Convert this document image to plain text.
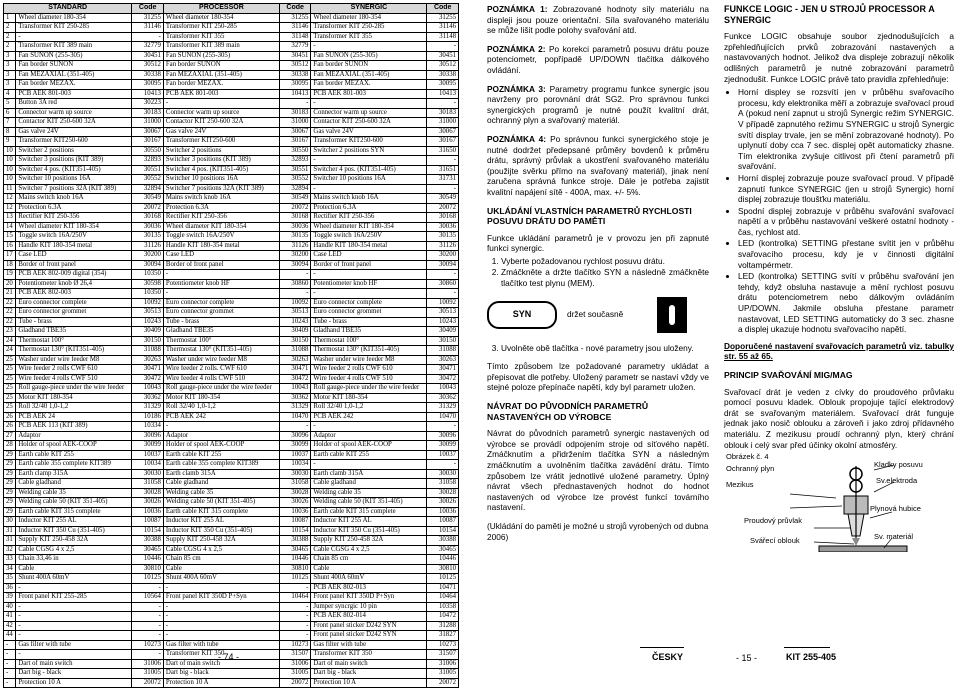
STANDARD		Code	PROCESSOR	Code	SYNERGIC	Code
1	Wheel diameter 180-354	31255	Wheel diameter 180-354	31255	Wheel diameter 180-354	31255
2	Transformer KIT 250-285	31146	Transformer KIT 250-285	31146	Transformer KIT 250-285	31146
2	-	-	Transformer KIT 355	31148	Transformer KIT 355	31148
2	Transformer KIT 389 main	32779	Transformer KIT 389 main	32779	-	-
3	Fan SUNON (255-305)	30451	Fan SUNON (255-305)	30451	Fan SUNON (255-305)	30451
3	Fan border SUNON	30512	Fan border SUNON	30512	Fan border SUNON	30512
3	Fan MEZAXIAL (351-405)	30338	Fan MEZAXIAL (351-405)	30338	Fan MEZAXIAL (351-405)	30338
3	Fan border MEZAX.	30095	Fan border MEZAX.	30095	Fan border MEZAX.	30095
4	PCB AEK 801-003	10413	PCB AEK 801-003	10413	PCB AEK 801-003	10413
5	Button 3A red	30223	-	-	-	-
6	Connector warm up source	30183	Connector warm up source	30183	Connector warm up source	30183
7	Contactor KIT 250-600 32A	31000	Contactor KIT 250-600 32A	31000	Contactor KIT 250-600 32A	31000
8	Gas valve 24V	30067	Gas valve 24V	30067	Gas valve 24V	30067
9	Transformer KIT250-600	30167	Transformer KIT250-600	30167	Transformer KIT250-600	30167
10	Switcher 2 positions	30550	Switcher 2 positions	30550	Switcher 2 positions SYN	31650
10	Switcher 3 positions (KIT 389)	32893	Switcher 3 positions (KIT 389)	32893	-	-
10	Switcher 4 pos. (KIT351-405)	30551	Switcher 4 pos. (KIT351-405)	30551	Switcher 4 pos. (KIT351-405)	31651
10	Switcher 10 positions 16A	30552	Switcher 10 positions 16A	30552	Switcher 10 positions 16A	31731
11	Switcher 7 positions 32A (KIT 389)	32894	Switcher 7 positions 32A (KIT 389)	32894	-	-
12	Mains switch knob 16A	30549	Mains switch knob 16A	30549	Mains switch knob 16A	30549
12	Protection 6.3A	20072	Protection 6.3A	20072	Protection 6.3A	20072
13	Rectifier KIT 250-356	30168	Rectifier KIT 250-356	30168	Rectifier KIT 250-356	30168
14	Wheel diameter KIT 180-354	30036	Wheel diameter KIT 180-354	30036	Wheel diameter KIT 180-354	30036
15	Toggle switch 16A/250V	30135	Toggle switch 16A/250V	30135	Toggle switch 16A/250V	30135
16	Handle KIT 180-354 metal	31126	Handle KIT 180-354 metal	31126	Handle KIT 180-354 metal	31126
17	Case LED	30200	Case LED	30200	Case LED	30200
18	Border of front panel	30094	Border of front panel	30094	Border of front panel	30094
19	PCB AEK 802-009 digital (354)	10350	-	-	-	-
20	Potentiometer knob Ø 26,4	30598	Potentiometer knob HF	30860	Potentiometer knob HF	30860
21	PCB AEK 802-003	10350	-	-	-	-
22	Euro connector complete	10092	Euro connector complete	10092	Euro connector complete	10092
22	Euro connector grommet	30513	Euro connector grommet	30513	Euro connector grommet	30513
22	Tube - brass	10243	Tube - brass	10243	Tube - brass	10243
23	Gladhand TBE35	30409	Gladhand TBE35	30409	Gladhand TBE35	30409
24	Thermostat 100°	30150	Thermostat 100°	30150	Thermostat 100°	30150
24	Thermostat 130° (KIT351-405)	31088	Thermostat 130° (KIT351-405)	31088	Thermostat 130° (KIT351-405)	31088
25	Washer under wire feeder M8	30263	Washer under wire feeder M8	30263	Washer under wire feeder M8	30263
25	Wire feeder 2 rolls CWF 610	30471	Wire feeder 2 rolls. CWF 610	30471	Wire feeder 2 rolls CWF 610	30471
25	Wire feeder 4 rolls CWF 510	30472	Wire feeder 4 rolls CWF 510	30472	Wire feeder 4 rolls CWF 510	30472
25	Roll gauge-piece under the wire feeder	10043	Roll gauge-piece under the wire feeder	10043	Roll gauge-piece under the wire feeder	10043
25	Motor KIT 180-354	30362	Motor KIT 180-354	30362	Motor KIT 180-354	30362
25	Roll 32/40 1,0-1,2	31329	Roll 32/40 1,0-1,2	31329	Roll 32/40 1,0-1,2	31329
26	PCB AEK 24	10186	PCB AEK 242	10470	PCB AEK 242	10470
26	PCB AEK 113 (KIT 389)	10334	-	-	-	-
27	Adaptor	30096	Adaptor	30096	Adaptor	30096
28	Holder of spool AEK-COOP	30099	Holder of spool AEK-COOP	30099	Holder of spool AEK-COOP	30099
29	Earth cable KIT 255	10037	Earth cable KIT 255	10037	Earth cable KIT 255	10037
29	Earth cable 355 complete KIT389	10034	Earth cable 355 complete KIT389	10034	-	-
29	Earth clamp 315A	30030	Earth clamb 315A	30030	Earth clamb 315A	30030
29	Cable gladhand	31058	Cable gladhand	31058	Cable gladhand	31058
29	Welding cable 35	30028	Welding cable 35	30028	Welding cable 35	30028
29	Welding cable 50 (KIT 351-405)	30026	Welding cable 50 (KIT 351-405)	30026	Welding cable 50 (KIT 351-405)	30026
29	Earth cable KIT 315 complete	10036	Earth cable KIT 315 complete	10036	Earth cable KIT 315 complete	10036
30	Inductor KIT 255 AL	10087	Inductor KIT 255 AL	10087	Inductor KIT 255 AL	10087
31	Inductor KIT 350 Cu (351-405)	10154	Inductor KIT 350 Cu (351-405)	10154	Inductor KIT 350 Cu (351-405)	10154
31	Supply KIT 250-458 32A	30388	Supply KIT 250-458 32A	30388	Supply KIT 250-458 32A	30388
32	Cable CGSG 4 x 2,5	30465	Cable CGSG 4 x 2,5	30465	Cable CGSG 4 x 2,5	30465
33	Chain 33,46 in	10446	Chain 85 cm	10446	Chain 85 cm	10446
34	Cable	30810	Cable	30810	Cable	30810
35	Shunt 400A 60mV	10125	Shunt 400A 60mV	10125	Shunt 400A 60mV	10125
36	-	-	-	-	PCB AEK 802-013	10471
39	Front panel KIT 255-285	10564	Front panel KIT 350D P+Syn	10464	Front panel KIT 350D P+Syn	10464
40	-	-	-	-	Jumper syncrgic 10 pin	10358
41	-	-	-	-	PCB AEK 802-014	10472
42	-	-	-	-	Front panel sticker D242 SYN	31288
44	-	-	-	-	Front panel sticker D242 SYN	31827
-	Gas filter with tube	10273	Gas filter with tube	10273	Gas filter with tube	10273
-	-	-	Transformer KIT 350	31507	Transformer KIT 350	31507
-	Dart of main switch	31006	Dart of main switch	31006	Dart of main switch	31006
-	Dart big - black	31005	Dart big - black	31005	Dart big - black	31005
-	Protection 10 A	20072	Protection 10 A	20072	Protection 10 A	20072
- 74 -

POZNÁMKA 1: Zobrazované hodnoty síly materiálu na displeji jsou pouze orientační. Síla svařovaného materiálu se může lišit podle polohy svařování atd.

POZNÁMKA 2: Po korekci parametrů posuvu drátu pouze potenciometr, popřípadě UP/DOWN tlačítka dálkového ovládání.

POZNÁMKA 3: Parametry programu funkce synergic jsou navrženy pro porovnání drát SG2. Pro správnou funkci synergických programů je nutné použít kvalitní drát, ochranný plyn a svařovaný materiál.

POZNÁMKA 4: Po správnou funkci synergického stoje je nutné dodržet předepsané průměry bovdenů k průměru drátu, správný průvlak a ukostření svařovaného materiálu (použijte svěrku přímo na svařovaný materiál), jinak není zaručena správná funkce stroje. Dále je potřeba zajistit kvalitní napájení sítě - 400A, max. +/- 5%.

UKLÁDÁNÍ VLASTNÍCH PARAMETRŮ RYCHLOSTI POSUVU DRÁTU DO PAMĚTI

Funkce ukládání parametrů je v provozu jen při zapnuté funkci synergic.

1. Vyberte požadovanou rychlost posuvu drátu.
2. Zmáčkněte a držte tlačítko SYN a následně zmáčkněte tlačítko test plynu (MEM).
SYN	držet současně
3. Uvolněte obě tlačítka - nové parametry jsou uloženy.

Tímto způsobem lze požadované parametry ukládat a přepisovat dle potřeby. Uložený parametr se nastaví vždy ve stejné poloze přepínače napětí, kdy byl parametr uložen.

NÁVRAT DO PŮVODNÍCH PARAMETRŮ NASTAVENÝCH OD VÝROBCE

Návrat do původních parametrů synergic nastavených od výrobce se provádí odpojením stroje od síťového napětí. Zmáčknutím a přidržením tlačítka SYN a následným zmáčknutím a uvolněním tlačítka zavádění drátu. Tímto způsobem lze vrátit jednotlivé uložené parametry. Úplný návrat všech přednastavených hodnot do hodnot nastavených od výrobce lze provést funkcí továrního nastavení.

(Ukládání do paměti je možné u strojů vyrobených od dubna 2006)

FUNKCE LOGIC - JEN U STROJŮ PROCESSOR A SYNERGIC

Funkce LOGIC obsahuje soubor zjednodušujících a zpřehledňujících prvků zobrazování nastavených a nastavovaných hodnot. Jelikož dva displeje zobrazují několik odlišných parametrů je nutné zobrazování parametrů zjednodušit. Funkce LOGIC právě tato pravidla zpřehledňuje:

• Horní displey se rozsvítí jen v průběhu svařovacího procesu, kdy elektronika měří a zobrazuje svařovací proud A (pokud není zapnut u strojů Synergic režim SYNERGIC. V případě zapnutého režimu SYNERGIC u strojů Synergic svítí display trvale, jen se mění zobrazované hodnoty). Po uplynutí doby cca 7 sec. displej opět automaticky zhasne. Tím elektronika zvyšuje citlivost při čtení parametrů při svařování.
• Horní displej zobrazuje pouze svařovací proud. V případě zapnutí funkce SYNERGIC (jen u strojů Synergic) horní displej zobrazuje tloušťku materiálu.
• Spodní displej zobrazuje v průběhu svařování svařovací napětí a v průběhu nastavování veškeré ostatní hodnoty - čas, rychlost atd.
• LED (kontrolka) SETTING přestane svítit jen v průběhu svařovacího procesu, kdy je v činnosti digitální voltampérmetr.
• LED (kontrolka) SETTING svítí v průběhu svařování jen tehdy, když obsluha nastavuje a mění rychlost posuvu drátu potenciometrem nebo dálkovým ovládáním UP/DOWN. Jakmile obsluha přestane parametr nastavovat, LED SETTING automaticky do 3 sec. zhasne a displej ukazuje hodnotu svařovacího napětí.

Doporučené nastavení svařovacích parametrů viz. tabulky str. 55 až 65.

PRINCIP SVAŘOVÁNÍ MIG/MAG

Svařovací drát je veden z cívky do proudového průvlaku pomocí posuvu kladek. Oblouk propojuje tající elektrodový drát se svařovaným materiálem. Svařovací drát funguje jednak jako nosič oblouku a zároveň i jako zdroj přídavného materiálu. Z mezikusu proudí ochranný plyn, který chrání oblouk i celý svar před účinky okolní atmosféry.

Obrázek č. 4
Kladky posuvu
Sv.elektroda
Ochranný plyn
Mezikus
Plynová hubice
Proudový průvlak
Svářecí oblouk	Sv. materiál
ČESKY	- 15 -	KIT 255-405
